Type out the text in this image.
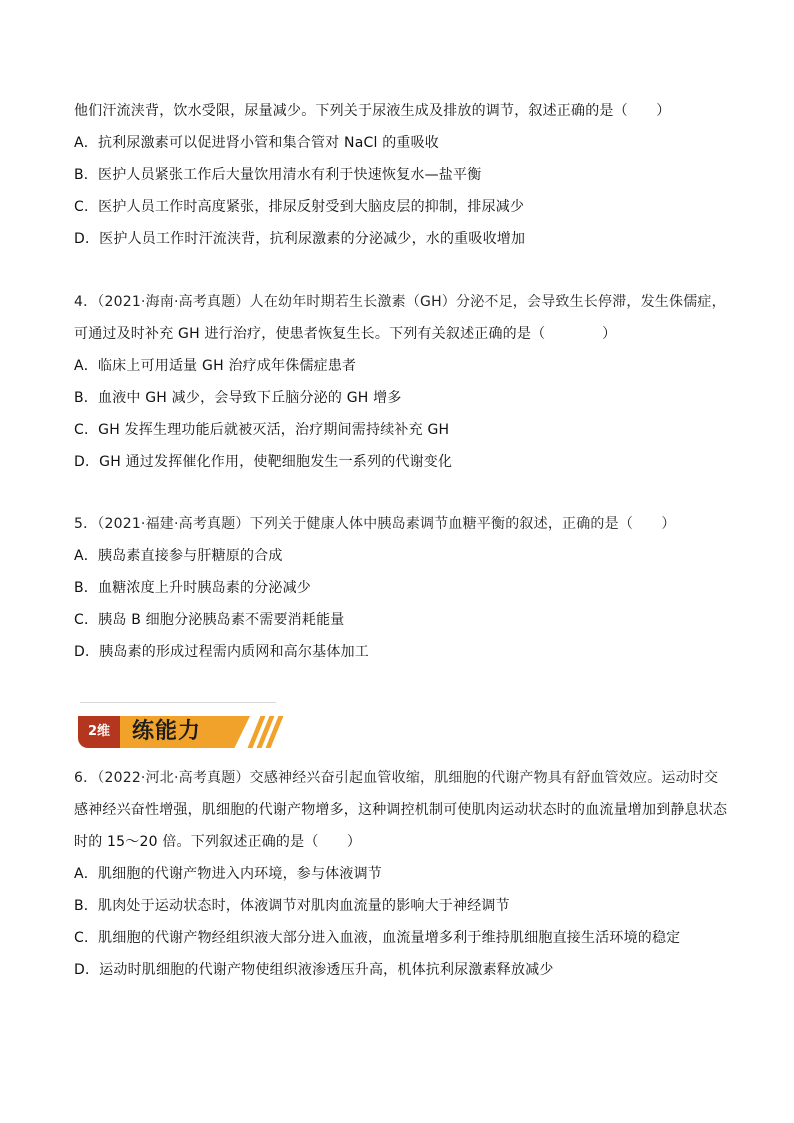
他们汗流浃背，饮水受限，尿量减少。下列关于尿液生成及排放的调节，叙述正确的是（　　）
A．抗利尿激素可以促进肾小管和集合管对 NaCl 的重吸收
B．医护人员紧张工作后大量饮用清水有利于快速恢复水—盐平衡
C．医护人员工作时高度紧张，排尿反射受到大脑皮层的抑制，排尿减少
D．医护人员工作时汗流浃背，抗利尿激素的分泌减少，水的重吸收增加
4．（2021·海南·高考真题）人在幼年时期若生长激素（GH）分泌不足，会导致生长停滞，发生侏儒症，
可通过及时补充 GH 进行治疗，使患者恢复生长。下列有关叙述正确的是（　　　　）
A．临床上可用适量 GH 治疗成年侏儒症患者
B．血液中 GH 减少，会导致下丘脑分泌的 GH 增多
C．GH 发挥生理功能后就被灭活，治疗期间需持续补充 GH
D．GH 通过发挥催化作用，使靶细胞发生一系列的代谢变化
5．（2021·福建·高考真题）下列关于健康人体中胰岛素调节血糖平衡的叙述，正确的是（　　）
A．胰岛素直接参与肝糖原的合成
B．血糖浓度上升时胰岛素的分泌减少
C．胰岛 B 细胞分泌胰岛素不需要消耗能量
D．胰岛素的形成过程需内质网和高尔基体加工
2维 练能力
6．（2022·河北·高考真题）交感神经兴奋引起血管收缩，肌细胞的代谢产物具有舒血管效应。运动时交
感神经兴奋性增强，肌细胞的代谢产物增多，这种调控机制可使肌肉运动状态时的血流量增加到静息状态
时的 15～20 倍。下列叙述正确的是（　　）
A．肌细胞的代谢产物进入内环境，参与体液调节
B．肌肉处于运动状态时，体液调节对肌肉血流量的影响大于神经调节
C．肌细胞的代谢产物经组织液大部分进入血液，血流量增多利于维持肌细胞直接生活环境的稳定
D．运动时肌细胞的代谢产物使组织液渗透压升高，机体抗利尿激素释放减少
